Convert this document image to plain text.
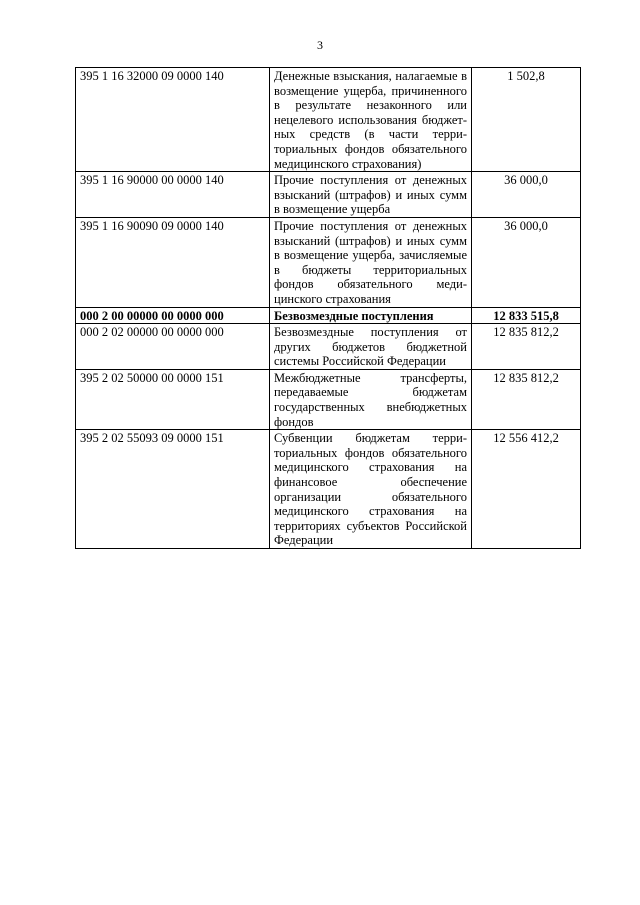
3
395 1 16 32000 09 0000 140	Денежные взыскания, налагаемые в возмещение ущерба, причиненного в результате незаконного или нецелевого использования бюджетных средств (в части территориальных фондов обязательного медицинского страхования)	1 502,8
395 1 16 90000 00 0000 140	Прочие поступления от денежных взысканий (штрафов) и иных сумм в возмещение ущерба	36 000,0
395 1 16 90090 09 0000 140	Прочие поступления от денежных взысканий (штрафов) и иных сумм в возмещение ущерба, зачисляемые в бюджеты территориальных фондов обязательного медицинского страхования	36 000,0
000 2 00 00000 00 0000 000	Безвозмездные поступления	12 833 515,8
000 2 02 00000 00 0000 000	Безвозмездные поступления от других бюджетов бюджетной системы Российской Федерации	12 835 812,2
395 2 02 50000 00 0000 151	Межбюджетные трансферты, передаваемые бюджетам государственных внебюджетных фондов	12 835 812,2
395 2 02 55093 09 0000 151	Субвенции бюджетам территориальных фондов обязательного медицинского страхования на финансовое обеспечение организации обязательного медицинского страхования на территориях субъектов Российской Федерации	12 556 412,2
